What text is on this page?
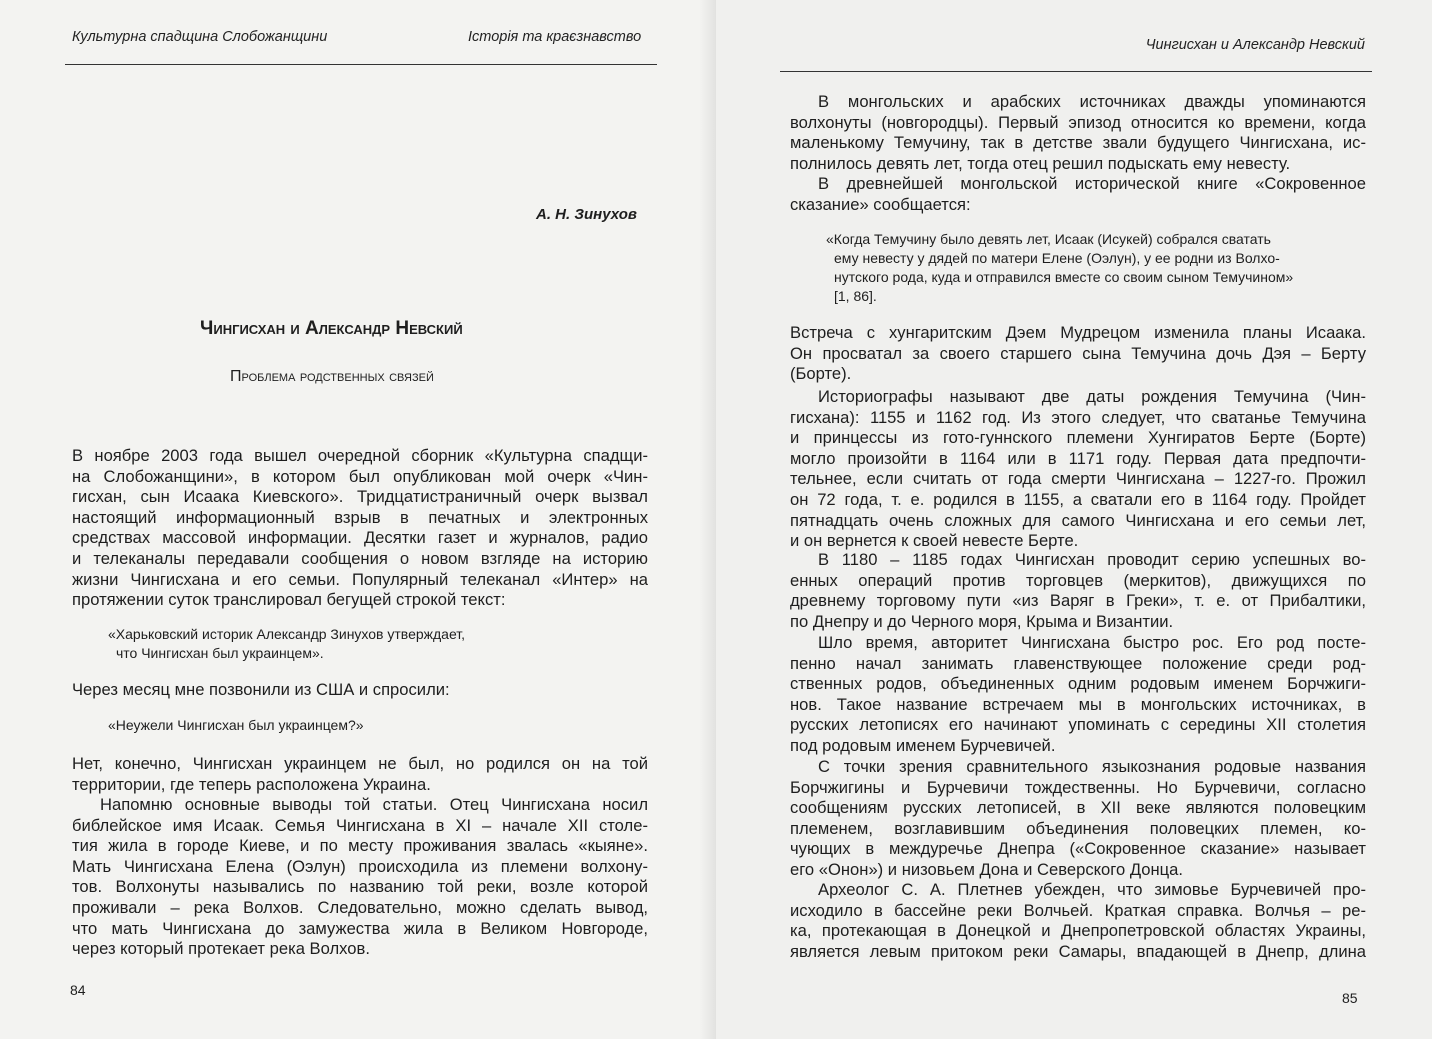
Культурна спадщина Слобожанщини	Історія та краєзнавство
А. Н. Зинухов
Чингисхан и Александр Невский
Проблема родственных связей
В ноябре 2003 года вышел очередной сборник «Культурна спадщи-
на Слобожанщини», в котором был опубликован мой очерк «Чин-
гисхан, сын Исаака Киевского». Тридцатистраничный очерк вызвал
настоящий информационный взрыв в печатных и электронных
средствах массовой информации. Десятки газет и журналов, радио
и телеканалы передавали сообщения о новом взгляде на историю
жизни Чингисхана и его семьи. Популярный телеканал «Интер» на
протяжении суток транслировал бегущей строкой текст:
«Харьковский историк Александр Зинухов утверждает,
что Чингисхан был украинцем».
Через месяц мне позвонили из США и спросили:
«Неужели Чингисхан был украинцем?»
Нет, конечно, Чингисхан украинцем не был, но родился он на той
территории, где теперь расположена Украина.
Напомню основные выводы той статьи. Отец Чингисхана носил
библейское имя Исаак. Семья Чингисхана в XI – начале XII столе-
тия жила в городе Киеве, и по месту проживания звалась «кыяне».
Мать Чингисхана Елена (Оэлун) происходила из племени волхону-
тов. Волхонуты назывались по названию той реки, возле которой
проживали – река Волхов. Следовательно, можно сделать вывод,
что мать Чингисхана до замужества жила в Великом Новгороде,
через который протекает река Волхов.
84
Чингисхан и Александр Невский
В монгольских и арабских источниках дважды упоминаются
волхонуты (новгородцы). Первый эпизод относится ко времени, когда
маленькому Темучину, так в детстве звали будущего Чингисхана, ис-
полнилось девять лет, тогда отец решил подыскать ему невесту.
В древнейшей монгольской исторической книге «Сокровенное
сказание» сообщается:
«Когда Темучину было девять лет, Исаак (Исукей) собрался сватать
ему невесту у дядей по матери Елене (Оэлун), у ее родни из Волхо-
нутского рода, куда и отправился вместе со своим сыном Темучином»
[1, 86].
Встреча с хунгаритским Дэем Мудрецом изменила планы Исаака.
Он просватал за своего старшего сына Темучина дочь Дэя – Берту
(Борте).
Историографы называют две даты рождения Темучина (Чин-
гисхана): 1155 и 1162 год. Из этого следует, что сватанье Темучина
и принцессы из гото-гуннского племени Хунгиратов Берте (Борте)
могло произойти в 1164 или в 1171 году. Первая дата предпочти-
тельнее, если считать от года смерти Чингисхана – 1227-го. Прожил
он 72 года, т. е. родился в 1155, а сватали его в 1164 году. Пройдет
пятнадцать очень сложных для самого Чингисхана и его семьи лет,
и он вернется к своей невесте Берте.
В 1180 – 1185 годах Чингисхан проводит серию успешных во-
енных операций против торговцев (меркитов), движущихся по
древнему торговому пути «из Варяг в Греки», т. е. от Прибалтики,
по Днепру и до Черного моря, Крыма и Византии.
Шло время, авторитет Чингисхана быстро рос. Его род посте-
пенно начал занимать главенствующее положение среди род-
ственных родов, объединенных одним родовым именем Борчжиги-
нов. Такое название встречаем мы в монгольских источниках, в
русских летописях его начинают упоминать с середины XII столетия
под родовым именем Бурчевичей.
С точки зрения сравнительного языкознания родовые названия
Борчжигины и Бурчевичи тождественны. Но Бурчевичи, согласно
сообщениям русских летописей, в XII веке являются половецким
племенем, возглавившим объединения половецких племен, ко-
чующих в междуречье Днепра («Сокровенное сказание» называет
его «Онон») и низовьем Дона и Северского Донца.
Археолог С. А. Плетнев убежден, что зимовье Бурчевичей про-
исходило в бассейне реки Волчьей. Краткая справка. Волчья – ре-
ка, протекающая в Донецкой и Днепропетровской областях Украины,
является левым притоком реки Самары, впадающей в Днепр, длина
85
